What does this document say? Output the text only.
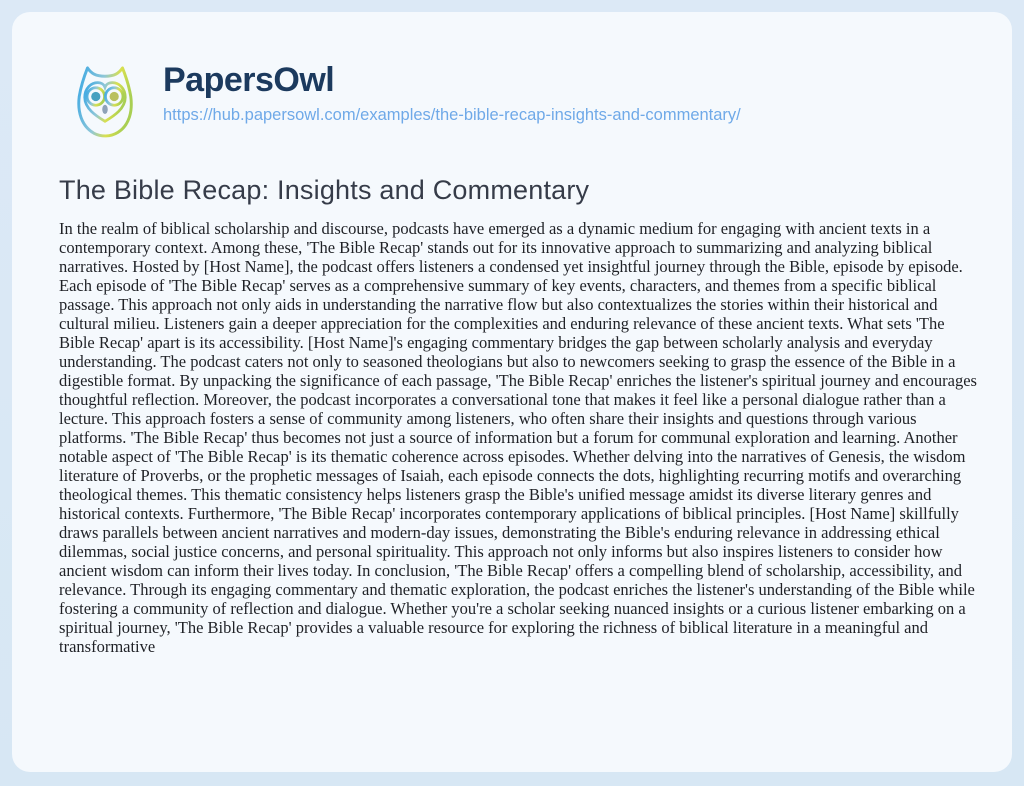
PapersOwl
https://hub.papersowl.com/examples/the-bible-recap-insights-and-commentary/
The Bible Recap: Insights and Commentary

In the realm of biblical scholarship and discourse, podcasts have emerged as a dynamic medium for engaging with ancient texts in a contemporary context. Among these, 'The Bible Recap' stands out for its innovative approach to summarizing and analyzing biblical narratives. Hosted by [Host Name], the podcast offers listeners a condensed yet insightful journey through the Bible, episode by episode. Each episode of 'The Bible Recap' serves as a comprehensive summary of key events, characters, and themes from a specific biblical passage. This approach not only aids in understanding the narrative flow but also contextualizes the stories within their historical and cultural milieu. Listeners gain a deeper appreciation for the complexities and enduring relevance of these ancient texts. What sets 'The Bible Recap' apart is its accessibility. [Host Name]'s engaging commentary bridges the gap between scholarly analysis and everyday understanding. The podcast caters not only to seasoned theologians but also to newcomers seeking to grasp the essence of the Bible in a digestible format. By unpacking the significance of each passage, 'The Bible Recap' enriches the listener's spiritual journey and encourages thoughtful reflection. Moreover, the podcast incorporates a conversational tone that makes it feel like a personal dialogue rather than a lecture. This approach fosters a sense of community among listeners, who often share their insights and questions through various platforms. 'The Bible Recap' thus becomes not just a source of information but a forum for communal exploration and learning. Another notable aspect of 'The Bible Recap' is its thematic coherence across episodes. Whether delving into the narratives of Genesis, the wisdom literature of Proverbs, or the prophetic messages of Isaiah, each episode connects the dots, highlighting recurring motifs and overarching theological themes. This thematic consistency helps listeners grasp the Bible's unified message amidst its diverse literary genres and historical contexts. Furthermore, 'The Bible Recap' incorporates contemporary applications of biblical principles. [Host Name] skillfully draws parallels between ancient narratives and modern-day issues, demonstrating the Bible's enduring relevance in addressing ethical dilemmas, social justice concerns, and personal spirituality. This approach not only informs but also inspires listeners to consider how ancient wisdom can inform their lives today. In conclusion, 'The Bible Recap' offers a compelling blend of scholarship, accessibility, and relevance. Through its engaging commentary and thematic exploration, the podcast enriches the listener's understanding of the Bible while fostering a community of reflection and dialogue. Whether you're a scholar seeking nuanced insights or a curious listener embarking on a spiritual journey, 'The Bible Recap' provides a valuable resource for exploring the richness of biblical literature in a meaningful and transformative
